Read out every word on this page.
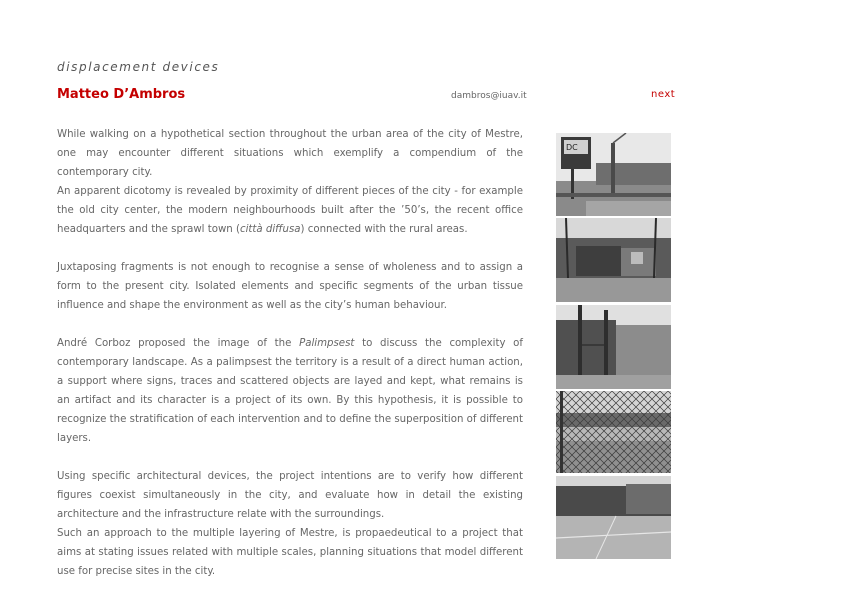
displacement devices
Matteo D’Ambros	dambros@iuav.it	next

While walking on a hypothetical section throughout the urban area of the city of Mestre, one may encounter different situations which exemplify a compendium of the contemporary city.

An apparent dicotomy is revealed by proximity of different pieces of the city - for example the old city center, the modern neighbourhoods built after the ’50’s, the recent office headquarters and the sprawl town (città diffusa) connected with the rural areas.

Juxtaposing fragments is not enough to recognise a sense of wholeness and to assign a form to the present city. Isolated elements and specific segments of the urban tissue influence and shape the environment as well as the city’s human behaviour.

André Corboz proposed the image of the Palimpsest to discuss the complexity of contemporary landscape. As a palimpsest the territory is a result of a direct human action, a support where signs, traces and scattered objects are layed and kept, what remains is an artifact and its character is a project of its own. By this hypothesis, it is possible to recognize the stratification of each intervention and to define the superposition of different layers.

Using specific architectural devices, the project intentions are to verify how different figures coexist simultaneously in the city, and evaluate how in detail the existing architecture and the infrastructure relate with the surroundings.

Such an approach to the multiple layering of Mestre, is propaedeutical to a project that aims at stating issues related with multiple scales, planning situations that model different use for precise sites in the city.

DC
